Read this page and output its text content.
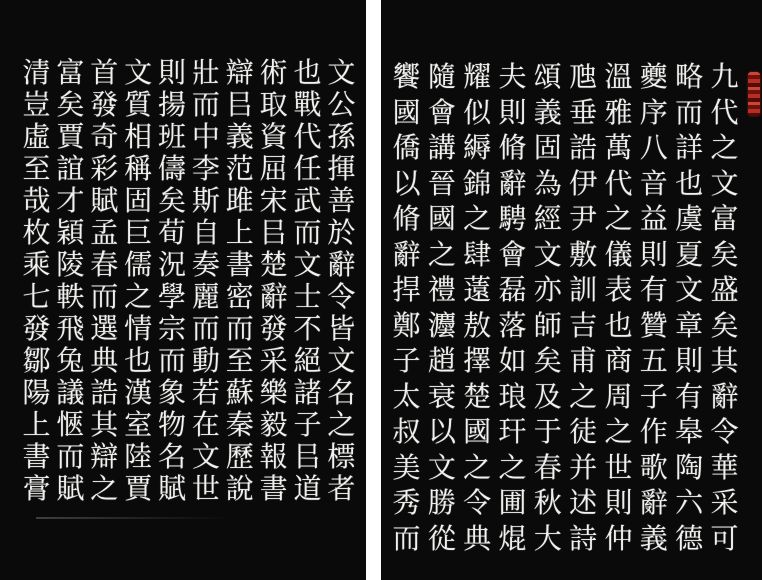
文
公
孫
揮
善
於
辭
令
皆
文
名
之
標
者
也
戰
代
任
武
而
文
士
不
絕
諸
子
㠯
道
術
取
資
屈
宋
㠯
楚
辭
發
采
樂
毅
報
書
辯
㠯
義
范
雎
上
書
密
而
至
蘇
秦
歷
說
壯
而
中
李
斯
自
奏
麗
而
動
若
在
文
世
則
揚
班
儔
矣
荀
況
學
宗
而
象
物
名
賦
文
質
相
稱
固
巨
儒
之
情
也
漢
室
陸
賈
首
發
奇
彩
賦
孟
春
而
選
典
誥
其
辯
之
富
矣
賈
誼
才
穎
陵
軼
飛
兔
議
愜
而
賦
清
豈
虛
至
哉
枚
乘
七
發
鄒
陽
上
書
膏
九
代
之
文
富
矣
盛
矣
其
辭
令
華
采
可
略
而
詳
也
虞
夏
文
章
則
有
皋
陶
六
德
夔
序
八
音
益
則
有
贊
五
子
作
歌
辭
義
溫
雅
萬
代
之
儀
表
也
商
周
之
世
則
仲
虺
垂
誥
伊
尹
敷
訓
吉
甫
之
徒
并
述
詩
頌
義
固
為
經
文
亦
師
矣
及
于
春
秋
大
夫
則
脩
辭
騁
會
磊
落
如
琅
玕
之
圃
焜
耀
似
縟
錦
之
肆
薳
敖
擇
楚
國
之
令
典
隨
會
講
晉
國
之
禮
灋
趙
衰
以
文
勝
從
饗
國
僑
以
脩
辭
捍
鄭
子
太
叔
美
秀
而
